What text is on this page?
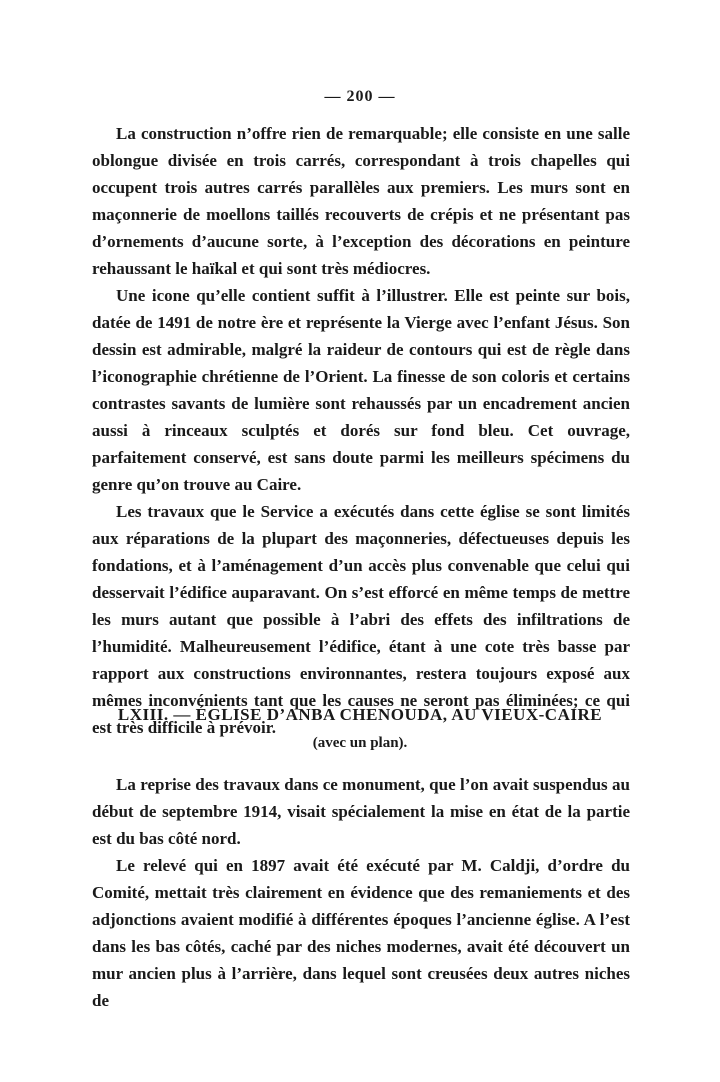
— 200 —

La construction n’offre rien de remarquable; elle consiste en une salle oblongue divisée en trois carrés, correspondant à trois chapelles qui occupent trois autres carrés parallèles aux premiers. Les murs sont en maçonnerie de moellons taillés recouverts de crépis et ne présentant pas d’ornements d’aucune sorte, à l’exception des décorations en peinture rehaussant le haïkal et qui sont très médiocres.

Une icone qu’elle contient suffit à l’illustrer. Elle est peinte sur bois, datée de 1491 de notre ère et représente la Vierge avec l’enfant Jésus. Son dessin est admirable, malgré la raideur de contours qui est de règle dans l’iconographie chrétienne de l’Orient. La finesse de son coloris et certains contrastes savants de lumière sont rehaussés par un encadrement ancien aussi à rinceaux sculptés et dorés sur fond bleu. Cet ouvrage, parfaitement conservé, est sans doute parmi les meilleurs spécimens du genre qu’on trouve au Caire.

Les travaux que le Service a exécutés dans cette église se sont limités aux réparations de la plupart des maçonneries, défectueuses depuis les fondations, et à l’aménagement d’un accès plus convenable que celui qui desservait l’édifice auparavant. On s’est efforcé en même temps de mettre les murs autant que possible à l’abri des effets des infiltrations de l’humidité. Malheureusement l’édifice, étant à une cote très basse par rapport aux constructions environnantes, restera toujours exposé aux mêmes inconvénients tant que les causes ne seront pas éliminées; ce qui est très difficile à prévoir.

LXIII. — ÉGLISE D’ANBA CHENOUDA, AU VIEUX-CAIRE
(avec un plan).

La reprise des travaux dans ce monument, que l’on avait suspendus au début de septembre 1914, visait spécialement la mise en état de la partie est du bas côté nord.

Le relevé qui en 1897 avait été exécuté par M. Caldji, d’ordre du Comité, mettait très clairement en évidence que des remaniements et des adjonctions avaient modifié à différentes époques l’ancienne église. A l’est dans les bas côtés, caché par des niches modernes, avait été découvert un mur ancien plus à l’arrière, dans lequel sont creusées deux autres niches de
